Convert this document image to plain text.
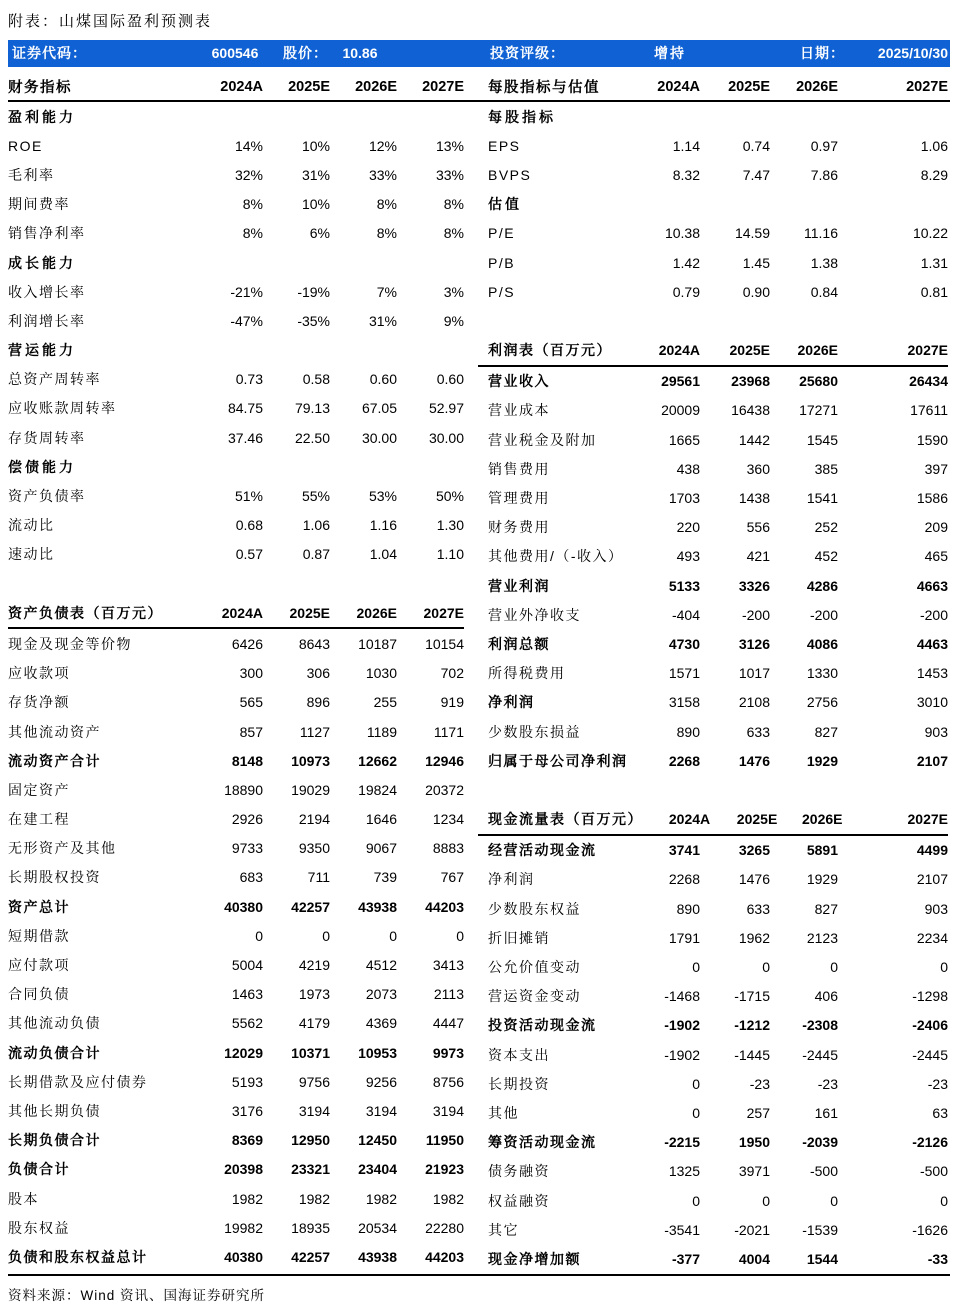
附表：山煤国际盈利预测表
证券代码：	600546	股价：	10.86	投资评级：	增持	日期： 2025/10/30
财务指标	2024A	2025E	2026E	2027E	每股指标与估值	2024A	2025E	2026E	2027E
盈利能力
ROE	14%	10%	12%	13%
毛利率	32%	31%	33%	33%
期间费率	8%	10%	8%	8%
销售净利率	8%	6%	8%	8%
成长能力
收入增长率	-21%	-19%	7%	3%
利润增长率	-47%	-35%	31%	9%
营运能力
总资产周转率	0.73	0.58	0.60	0.60
应收账款周转率	84.75	79.13	67.05	52.97
存货周转率	37.46	22.50	30.00	30.00
偿债能力
资产负债率	51%	55%	53%	50%
流动比	0.68	1.06	1.16	1.30
速动比	0.57	0.87	1.04	1.10
资产负债表（百万元）	2024A	2025E	2026E	2027E
现金及现金等价物	6426	8643	10187	10154
应收款项	300	306	1030	702
存货净额	565	896	255	919
其他流动资产	857	1127	1189	1171
流动资产合计	8148	10973	12662	12946
固定资产	18890	19029	19824	20372
在建工程	2926	2194	1646	1234
无形资产及其他	9733	9350	9067	8883
长期股权投资	683	711	739	767
资产总计	40380	42257	43938	44203
短期借款	0	0	0	0
应付款项	5004	4219	4512	3413
合同负债	1463	1973	2073	2113
其他流动负债	5562	4179	4369	4447
流动负债合计	12029	10371	10953	9973
长期借款及应付债券	5193	9756	9256	8756
其他长期负债	3176	3194	3194	3194
长期负债合计	8369	12950	12450	11950
负债合计	20398	23321	23404	21923
股本	1982	1982	1982	1982
股东权益	19982	18935	20534	22280
负债和股东权益总计	40380	42257	43938	44203
每股指标
EPS	1.14	0.74	0.97	1.06
BVPS	8.32	7.47	7.86	8.29
估值
P/E	10.38	14.59	11.16	10.22
P/B	1.42	1.45	1.38	1.31
P/S	0.79	0.90	0.84	0.81
利润表（百万元）	2024A	2025E	2026E	2027E
营业收入	29561	23968	25680	26434
营业成本	20009	16438	17271	17611
营业税金及附加	1665	1442	1545	1590
销售费用	438	360	385	397
管理费用	1703	1438	1541	1586
财务费用	220	556	252	209
其他费用/（-收入）	493	421	452	465
营业利润	5133	3326	4286	4663
营业外净收支	-404	-200	-200	-200
利润总额	4730	3126	4086	4463
所得税费用	1571	1017	1330	1453
净利润	3158	2108	2756	3010
少数股东损益	890	633	827	903
归属于母公司净利润	2268	1476	1929	2107
现金流量表（百万元）	2024A	2025E	2026E	2027E
经营活动现金流	3741	3265	5891	4499
净利润	2268	1476	1929	2107
少数股东权益	890	633	827	903
折旧摊销	1791	1962	2123	2234
公允价值变动	0	0	0	0
营运资金变动	-1468	-1715	406	-1298
投资活动现金流	-1902	-1212	-2308	-2406
资本支出	-1902	-1445	-2445	-2445
长期投资	0	-23	-23	-23
其他	0	257	161	63
筹资活动现金流	-2215	1950	-2039	-2126
债务融资	1325	3971	-500	-500
权益融资	0	0	0	0
其它	-3541	-2021	-1539	-1626
现金净增加额	-377	4004	1544	-33
资料来源：Wind 资讯、国海证券研究所
